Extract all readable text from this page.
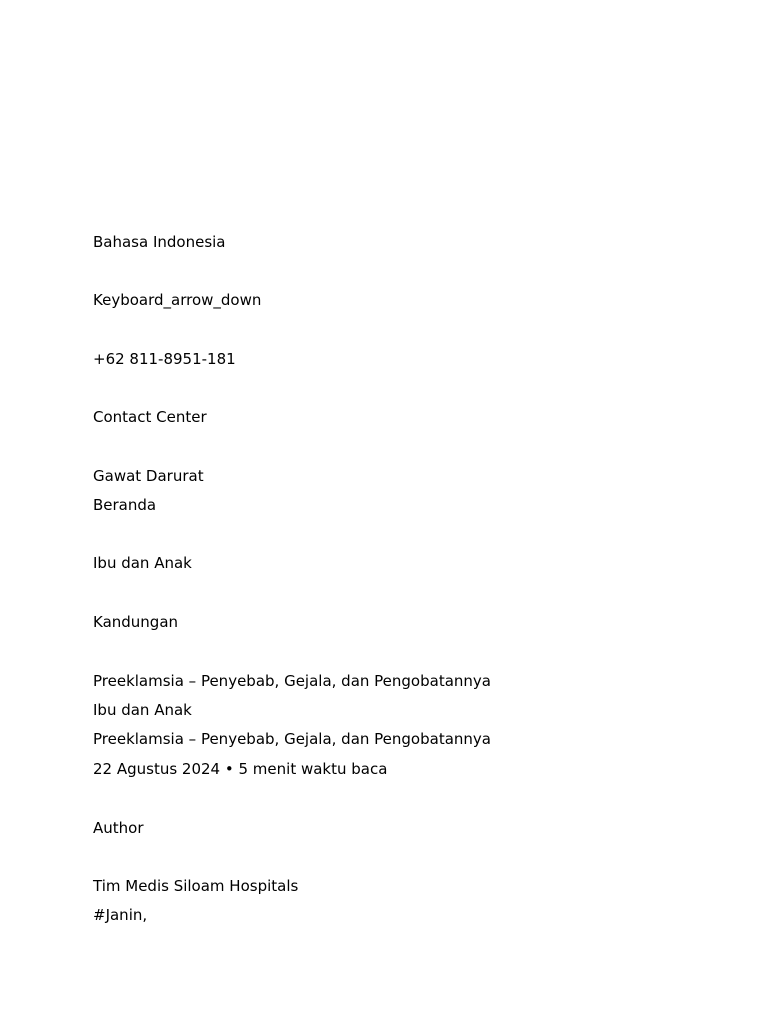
Bahasa Indonesia
Keyboard_arrow_down
+62 811-8951-181
Contact Center
Gawat Darurat
Beranda
Ibu dan Anak
Kandungan
Preeklamsia – Penyebab, Gejala, dan Pengobatannya
Ibu dan Anak
Preeklamsia – Penyebab, Gejala, dan Pengobatannya
22 Agustus 2024 • 5 menit waktu baca
Author
Tim Medis Siloam Hospitals
#Janin,
